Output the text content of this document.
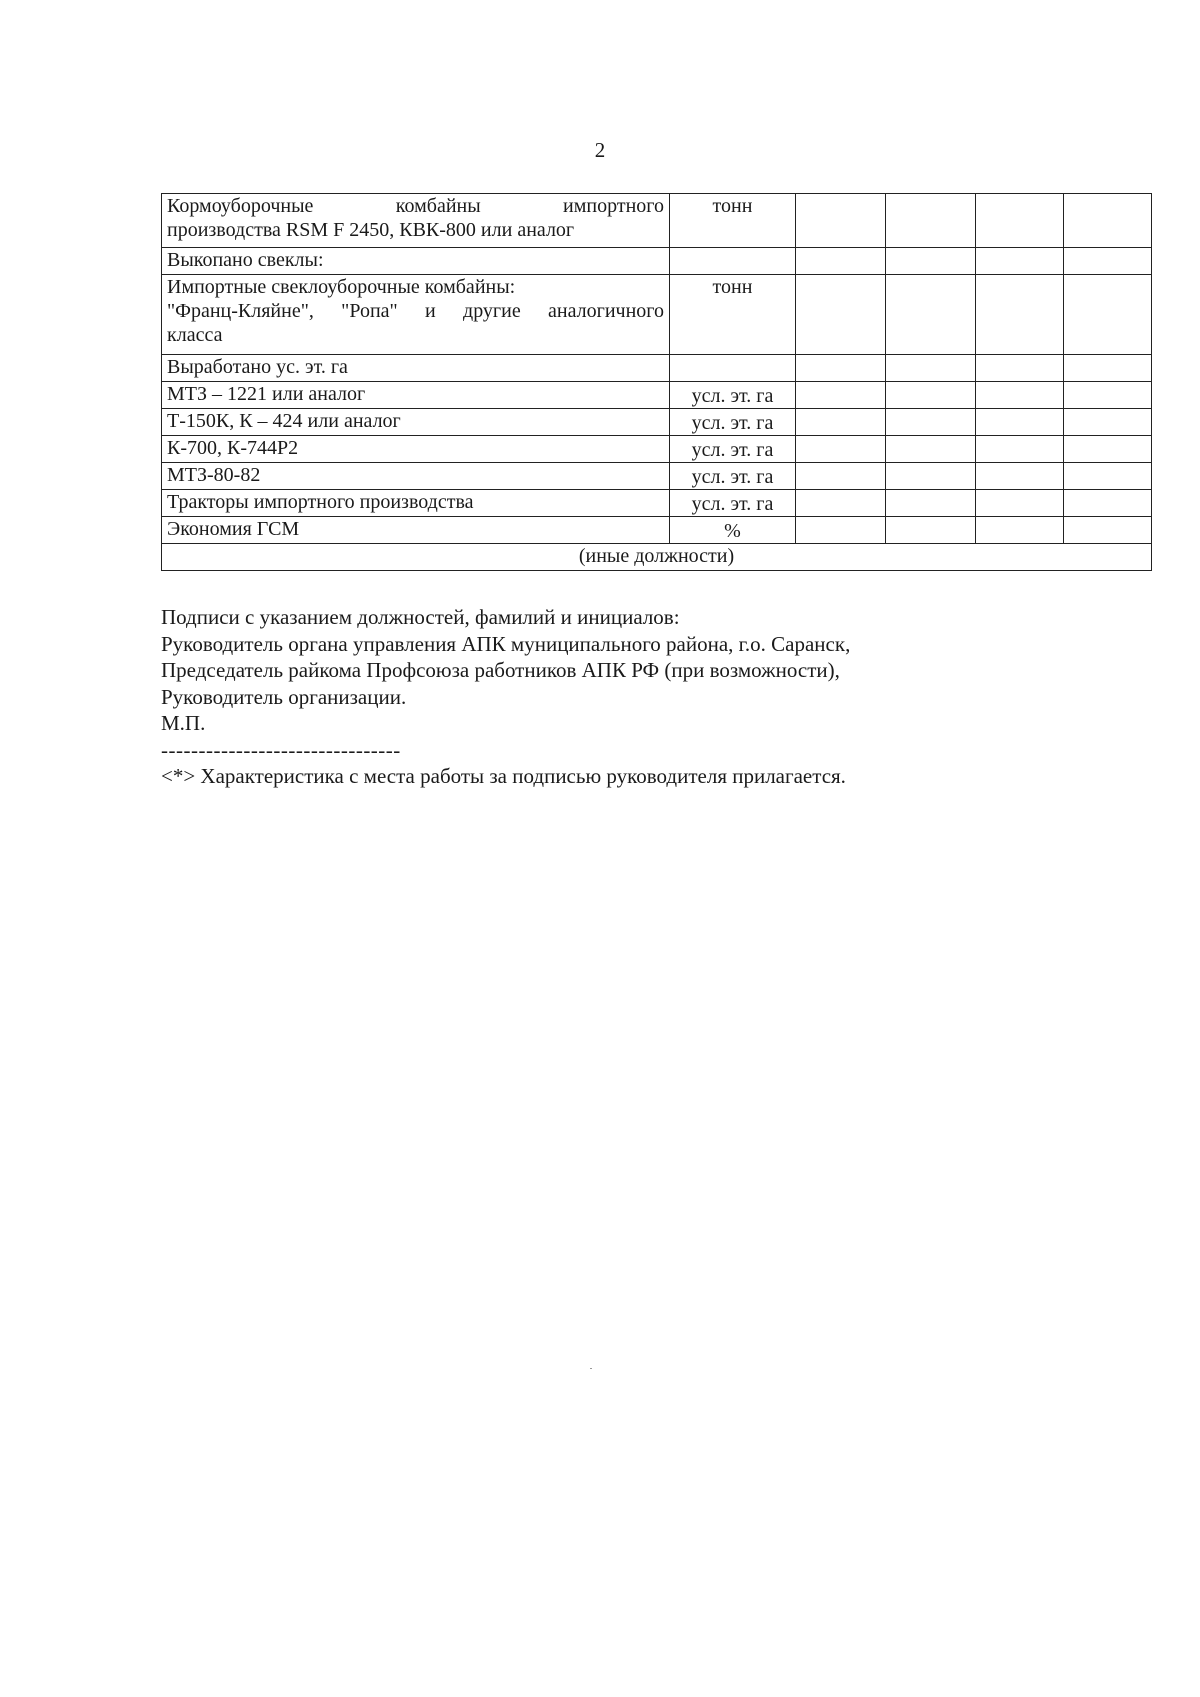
2
Кормоуборочные комбайны импортного
производства RSM F 2450, КВК-800 или аналог	тонн				
Выкопано свеклы:					

Импортные свеклоуборочные комбайны:
"Франц-Кляйне", "Ропа" и другие аналогичного
класса	тонн				
Выработано ус. эт. га					
МТЗ – 1221 или аналог	усл. эт. га				
Т-150К, К – 424 или аналог	усл. эт. га				
К-700, К-744Р2	усл. эт. га				
МТЗ-80-82	усл. эт. га				
Тракторы импортного производства	усл. эт. га				
Экономия ГСМ	%				
(иные должности)					

Подписи с указанием должностей, фамилий и инициалов:

Руководитель органа управления АПК муниципального района, г.о. Саранск,

Председатель райкома Профсоюза работников АПК РФ (при возможности),

Руководитель организации.

М.П.

--------------------------------

<*> Характеристика с места работы за подписью руководителя прилагается.
